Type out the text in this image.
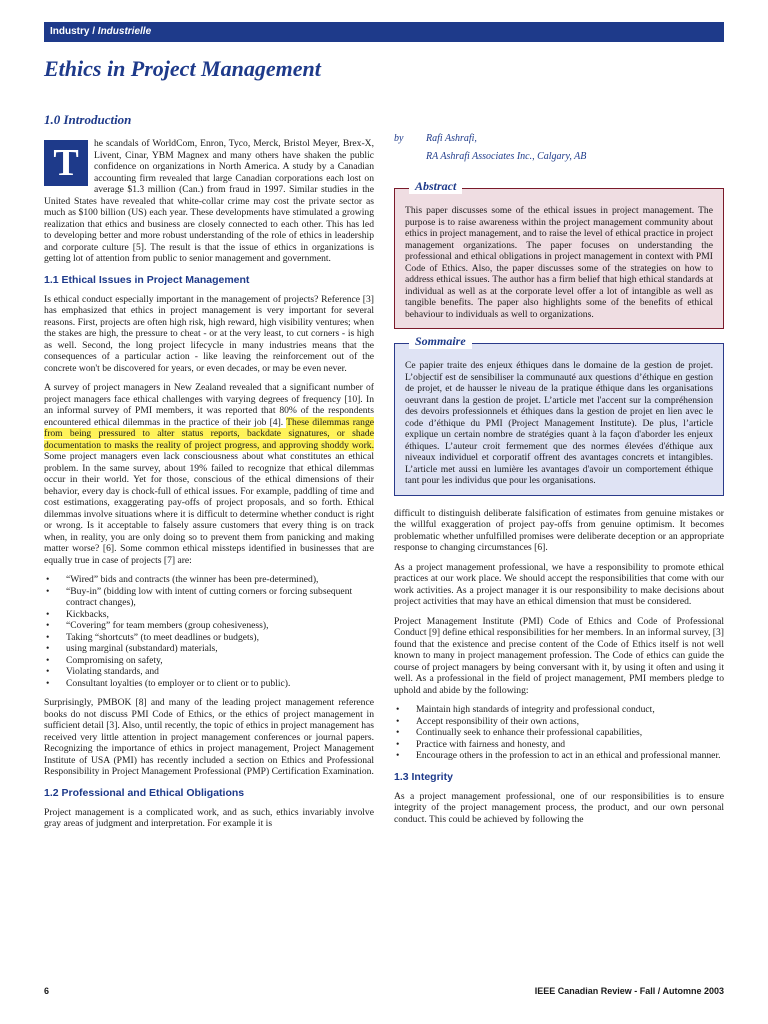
Industry / Industrielle
Ethics in Project Management
1.0 Introduction

T	he scandals of WorldCom, Enron, Tyco, Merck, Bristol Meyer, Brex-X, Livent, Cinar, YBM Magnex and many others have shaken the public confidence on organizations in North America. A study by a Canadian accounting firm revealed that large Canadian corporations each lost on average $1.3 million (Can.) from fraud in 1997. Similar studies in the United States have revealed that white-collar crime may cost the private sector as much as $100 billion (US) each year. These developments have stimulated a growing realization that ethics and business are closely connected to each other. This has led to developing better and more robust understanding of the role of ethics in leadership and corporate culture [5]. The result is that the issue of ethics in organizations is getting lot of attention from public to senior management and government.

1.1 Ethical Issues in Project Management

Is ethical conduct especially important in the management of projects? Reference [3] has emphasized that ethics in project management is very important for several reasons. First, projects are often high risk, high reward, high visibility ventures; when the stakes are high, the pressure to cheat - or at the very least, to cut corners - is high as well. Second, the long project lifecycle in many industries means that the consequences of a particular action - like leaving the reinforcement out of the concrete won't be discovered for years, or even decades, or may be even never.

A survey of project managers in New Zealand revealed that a significant number of project managers face ethical challenges with varying degrees of frequency [10]. In an informal survey of PMI members, it was reported that 80% of the respondents encountered ethical dilemmas in the practice of their job [4]. These dilemmas range from being pressured to alter status reports, backdate signatures, or shade documentation to masks the reality of project progress, and approving shoddy work. Some project managers even lack consciousness about what constitutes an ethical problem. In the same survey, about 19% failed to recognize that ethical dilemmas occur in their world. Yet for those, conscious of the ethical dimensions of their behavior, every day is chock-full of ethical issues. For example, paddling of time and cost estimations, exaggerating pay-offs of project proposals, and so forth. Ethical dilemmas involve situations where it is difficult to determine whether conduct is right or wrong. Is it acceptable to falsely assure customers that every thing is on track when, in reality, you are only doing so to prevent them from panicking and making matter worse? [6]. Some common ethical missteps identified in businesses that are equally true in case of projects [7] are:

• “Wired” bids and contracts (the winner has been pre-determined),
• “Buy-in” (bidding low with intent of cutting corners or forcing subsequent contract changes),
• Kickbacks,
• “Covering” for team members (group cohesiveness),
• Taking “shortcuts” (to meet deadlines or budgets),
• using marginal (substandard) materials,
• Compromising on safety,
• Violating standards, and
• Consultant loyalties (to employer or to client or to public).

Surprisingly, PMBOK [8] and many of the leading project management reference books do not discuss PMI Code of Ethics, or the ethics of project management in sufficient detail [3]. Also, until recently, the topic of ethics in project management has received very little attention in project management conferences or journal papers. Recognizing the importance of ethics in project management, Project Management Institute of USA (PMI) has recently included a section on Ethics and Professional Responsibility in Project Management Professional (PMP) Certification Examination.

1.2 Professional and Ethical Obligations

Project management is a complicated work, and as such, ethics invariably involve gray areas of judgment and interpretation. For example it is

by Rafi Ashrafi,
RA Ashrafi Associates Inc., Calgary, AB
Abstract

This paper discusses some of the ethical issues in project management. The purpose is to raise awareness within the project management community about ethics in project management, and to raise the level of ethical practice in project management organizations. The paper focuses on understanding the professional and ethical obligations in project management in context with PMI Code of Ethics. Also, the paper discusses some of the strategies on how to address ethical issues. The author has a firm belief that high ethical standards at individual as well as at the corporate level offer a lot of intangible as well as tangible benefits. The paper also highlights some of the benefits of ethical behaviour to individuals as well to organizations.

Sommaire

Ce papier traite des enjeux éthiques dans le domaine de la gestion de projet. L’objectif est de sensibiliser la communauté aux questions d’éthique en gestion de projet, et de hausser le niveau de la pratique éthique dans les organisations oeuvrant dans la gestion de projet. L’article met l'accent sur la compréhension des devoirs professionnels et éthiques dans la gestion de projet en lien avec le code d’éthique du PMI (Project Management Institute). De plus, l’article explique un certain nombre de stratégies quant à la façon d'aborder les enjeux éthiques. L’auteur croit fermement que des normes élevées d'éthique aux niveaux individuel et corporatif offrent des avantages concrets et intangibles. L’article met aussi en lumière les avantages d'avoir un comportement éthique tant pour les individus que pour les organisations.

difficult to distinguish deliberate falsification of estimates from genuine mistakes or the willful exaggeration of project pay-offs from genuine optimism. It becomes problematic whether unfulfilled promises were deliberate deception or an appropriate response to changing circumstances [6].

As a project management professional, we have a responsibility to promote ethical practices at our work place. We should accept the responsibilities that come with our work activities. As a project manager it is our responsibility to make decisions about project activities that may have an ethical dimension that must be considered.

Project Management Institute (PMI) Code of Ethics and Code of Professional Conduct [9] define ethical responsibilities for her members. In an informal survey, [3] found that the existence and precise content of the Code of Ethics itself is not well known to many in project management profession. The Code of ethics can guide the course of project managers by being conversant with it, by using it often and using it well. As a professional in the field of project management, PMI members pledge to uphold and abide by the following:

• Maintain high standards of integrity and professional conduct,
• Accept responsibility of their own actions,
• Continually seek to enhance their professional capabilities,
• Practice with fairness and honesty, and
• Encourage others in the profession to act in an ethical and professional manner.
1.3 Integrity

As a project management professional, one of our responsibilities is to ensure integrity of the project management process, the product, and our own personal conduct. This could be achieved by following the

6	IEEE Canadian Review - Fall / Automne 2003
